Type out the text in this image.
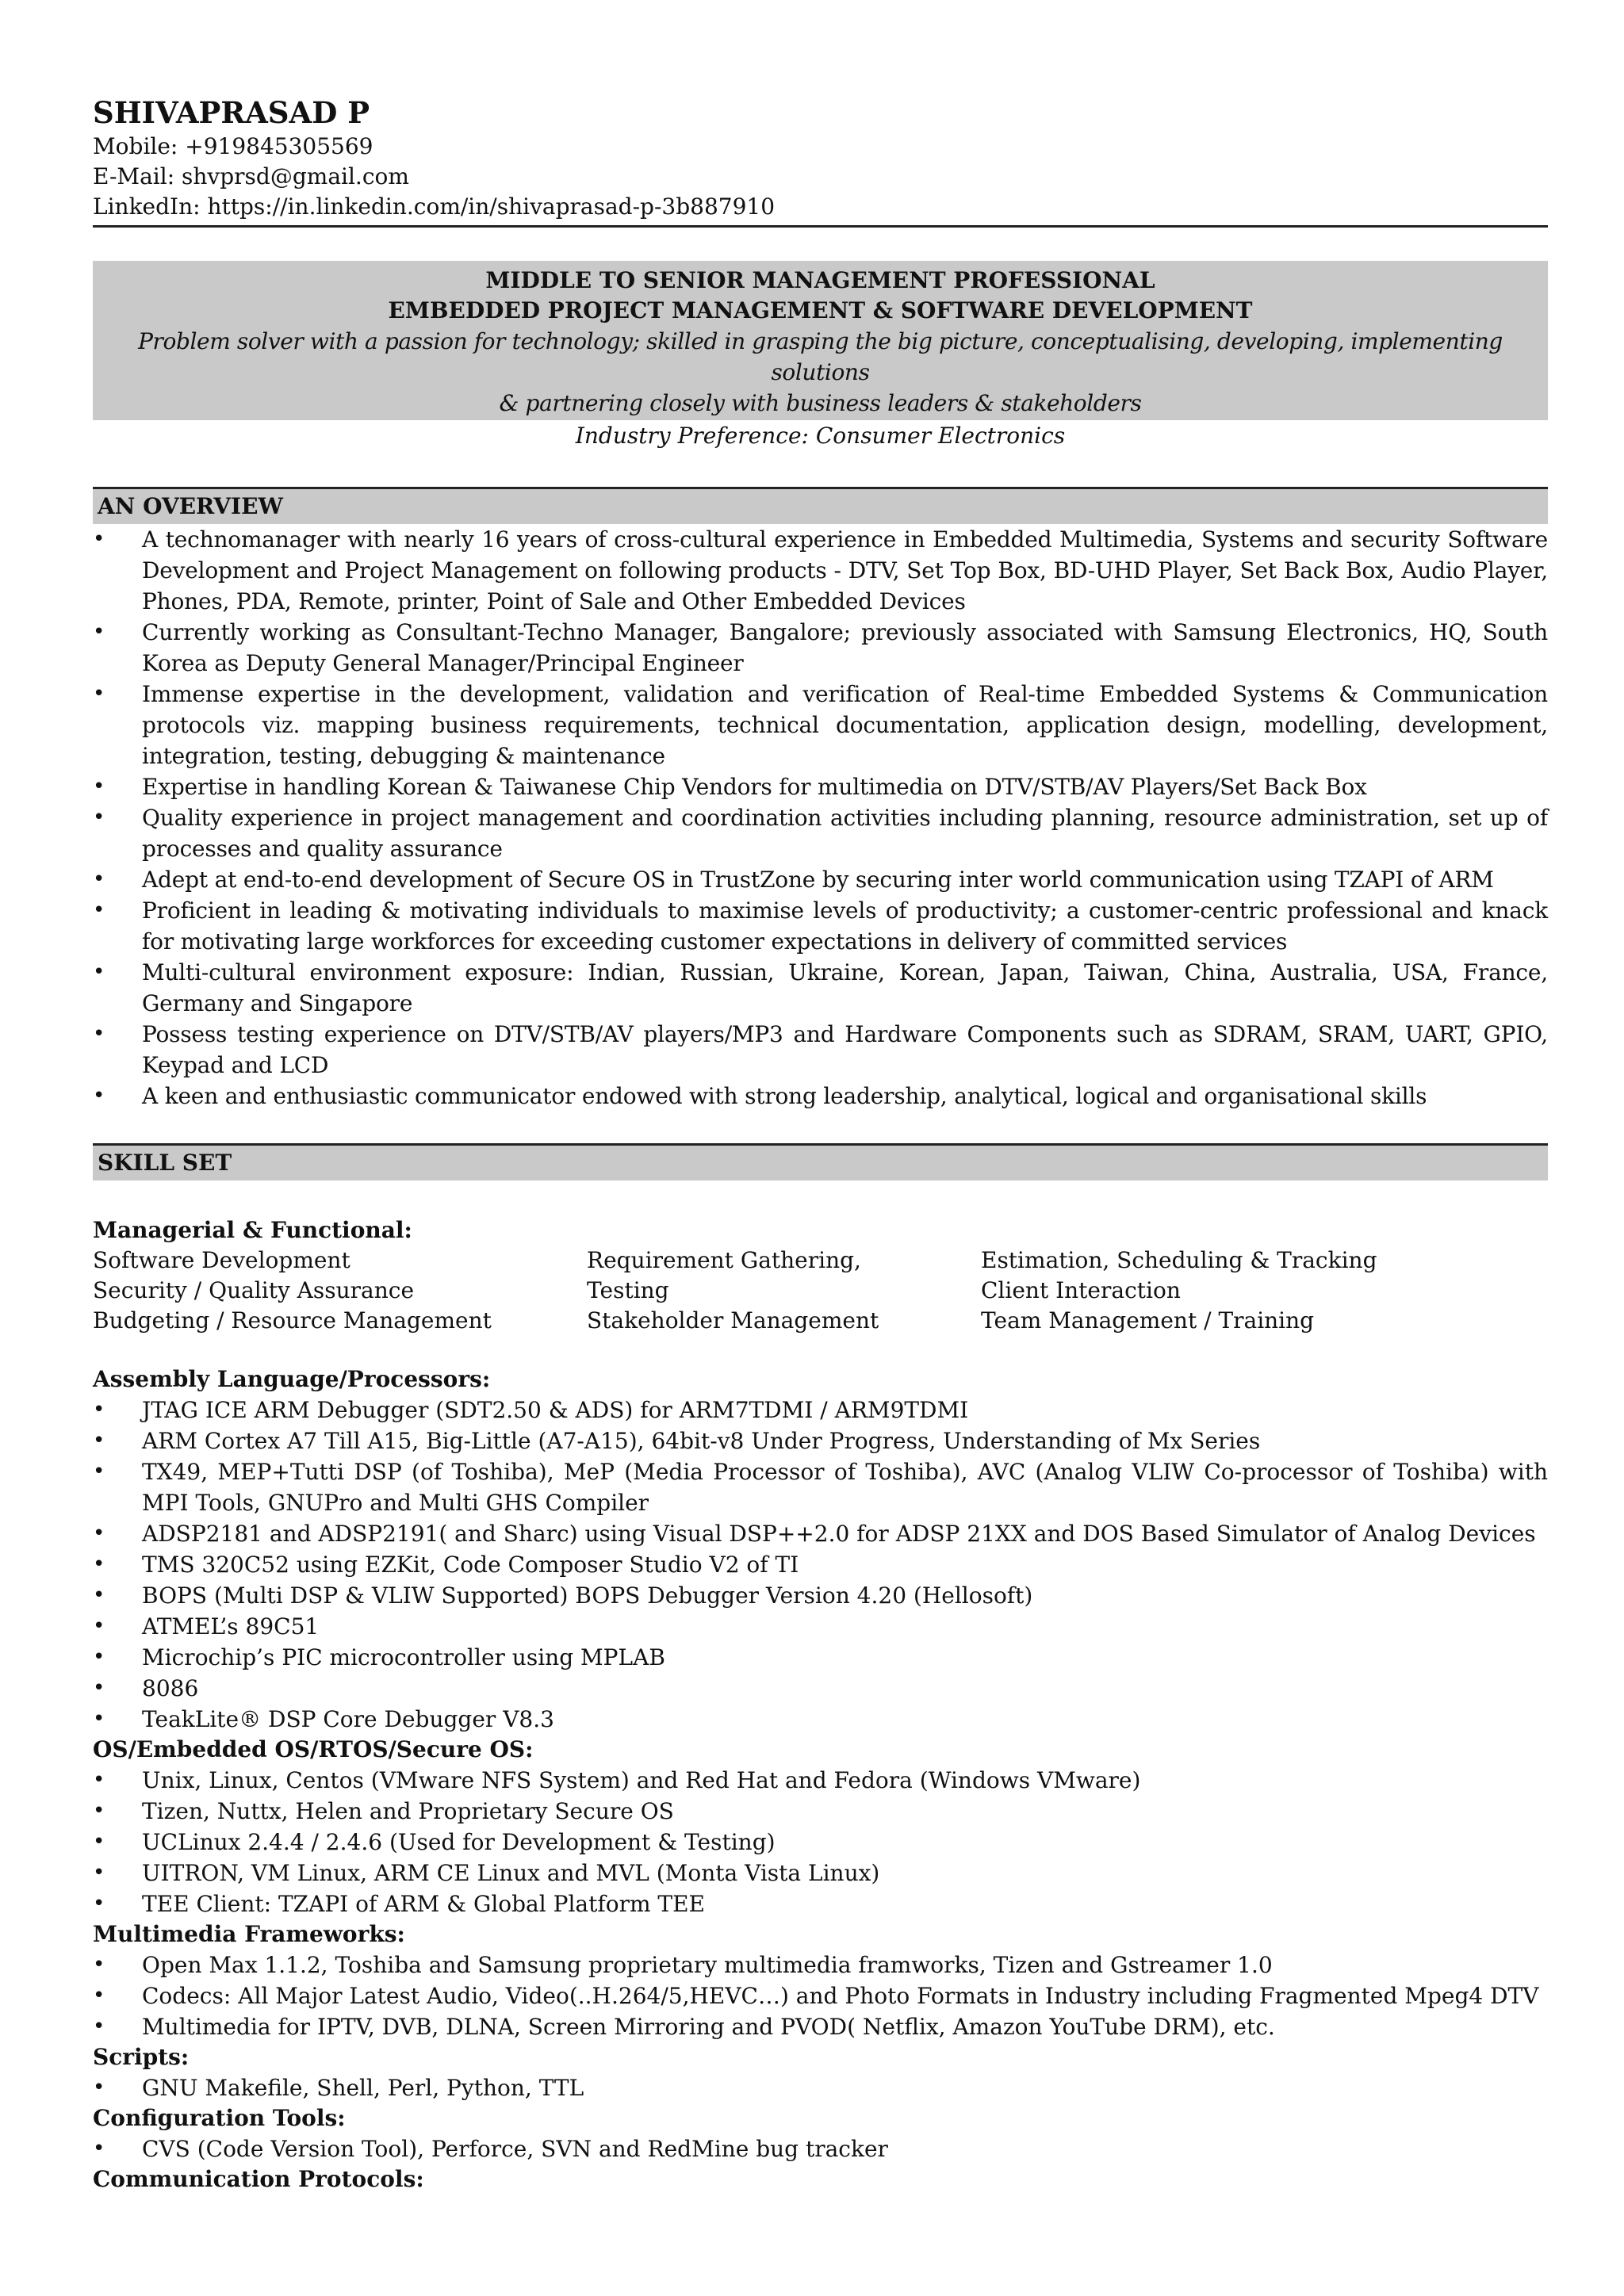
SHIVAPRASAD P
Mobile: +919845305569
E-Mail: shvprsd@gmail.com
LinkedIn: https://in.linkedin.com/in/shivaprasad-p-3b887910
MIDDLE TO SENIOR MANAGEMENT PROFESSIONAL
EMBEDDED PROJECT MANAGEMENT & SOFTWARE DEVELOPMENT
Problem solver with a passion for technology; skilled in grasping the big picture, conceptualising, developing, implementing solutions
& partnering closely with business leaders & stakeholders
Industry Preference: Consumer Electronics
AN OVERVIEW
• A technomanager with nearly 16 years of cross-cultural experience in Embedded Multimedia, Systems and security Software Development and Project Management on following products - DTV, Set Top Box, BD-UHD Player, Set Back Box, Audio Player, Phones, PDA, Remote, printer, Point of Sale and Other Embedded Devices
• Currently working as Consultant-Techno Manager, Bangalore; previously associated with Samsung Electronics, HQ, South Korea as Deputy General Manager/Principal Engineer
• Immense expertise in the development, validation and verification of Real-time Embedded Systems & Communication protocols viz. mapping business requirements, technical documentation, application design, modelling, development, integration, testing, debugging & maintenance
• Expertise in handling Korean & Taiwanese Chip Vendors for multimedia on DTV/STB/AV Players/Set Back Box
• Quality experience in project management and coordination activities including planning, resource administration, set up of processes and quality assurance
• Adept at end-to-end development of Secure OS in TrustZone by securing inter world communication using TZAPI of ARM
• Proficient in leading & motivating individuals to maximise levels of productivity; a customer-centric professional and knack for motivating large workforces for exceeding customer expectations in delivery of committed services
• Multi-cultural environment exposure: Indian, Russian, Ukraine, Korean, Japan, Taiwan, China, Australia, USA, France, Germany and Singapore
• Possess testing experience on DTV/STB/AV players/MP3 and Hardware Components such as SDRAM, SRAM, UART, GPIO, Keypad and LCD
• A keen and enthusiastic communicator endowed with strong leadership, analytical, logical and organisational skills
SKILL SET
Managerial & Functional:
Software Development	Requirement Gathering,	Estimation, Scheduling & Tracking
Security / Quality Assurance	Testing	Client Interaction
Budgeting / Resource Management	Stakeholder Management	Team Management / Training
Assembly Language/Processors:
• JTAG ICE ARM Debugger (SDT2.50 & ADS) for ARM7TDMI / ARM9TDMI
• ARM Cortex A7 Till A15, Big-Little (A7-A15), 64bit-v8 Under Progress, Understanding of Mx Series
• TX49, MEP+Tutti DSP (of Toshiba), MeP (Media Processor of Toshiba), AVC (Analog VLIW Co-processor of Toshiba) with MPI Tools, GNUPro and Multi GHS Compiler
• ADSP2181 and ADSP2191( and Sharc) using Visual DSP++2.0 for ADSP 21XX and DOS Based Simulator of Analog Devices
• TMS 320C52 using EZKit, Code Composer Studio V2 of TI
• BOPS (Multi DSP & VLIW Supported) BOPS Debugger Version 4.20 (Hellosoft)
• ATMEL’s 89C51
• Microchip’s PIC microcontroller using MPLAB
• 8086
• TeakLite® DSP Core Debugger V8.3
OS/Embedded OS/RTOS/Secure OS:
• Unix, Linux, Centos (VMware NFS System) and Red Hat and Fedora (Windows VMware)
• Tizen, Nuttx, Helen and Proprietary Secure OS
• UCLinux 2.4.4 / 2.4.6 (Used for Development & Testing)
• UITRON, VM Linux, ARM CE Linux and MVL (Monta Vista Linux)
• TEE Client: TZAPI of ARM & Global Platform TEE
Multimedia Frameworks:
• Open Max 1.1.2, Toshiba and Samsung proprietary multimedia framworks, Tizen and Gstreamer 1.0
• Codecs: All Major Latest Audio, Video(..H.264/5,HEVC…) and Photo Formats in Industry including Fragmented Mpeg4 DTV
• Multimedia for IPTV, DVB, DLNA, Screen Mirroring and PVOD( Netflix, Amazon YouTube DRM), etc.
Scripts:
• GNU Makefile, Shell, Perl, Python, TTL
Configuration Tools:
• CVS (Code Version Tool), Perforce, SVN and RedMine bug tracker
Communication Protocols:
